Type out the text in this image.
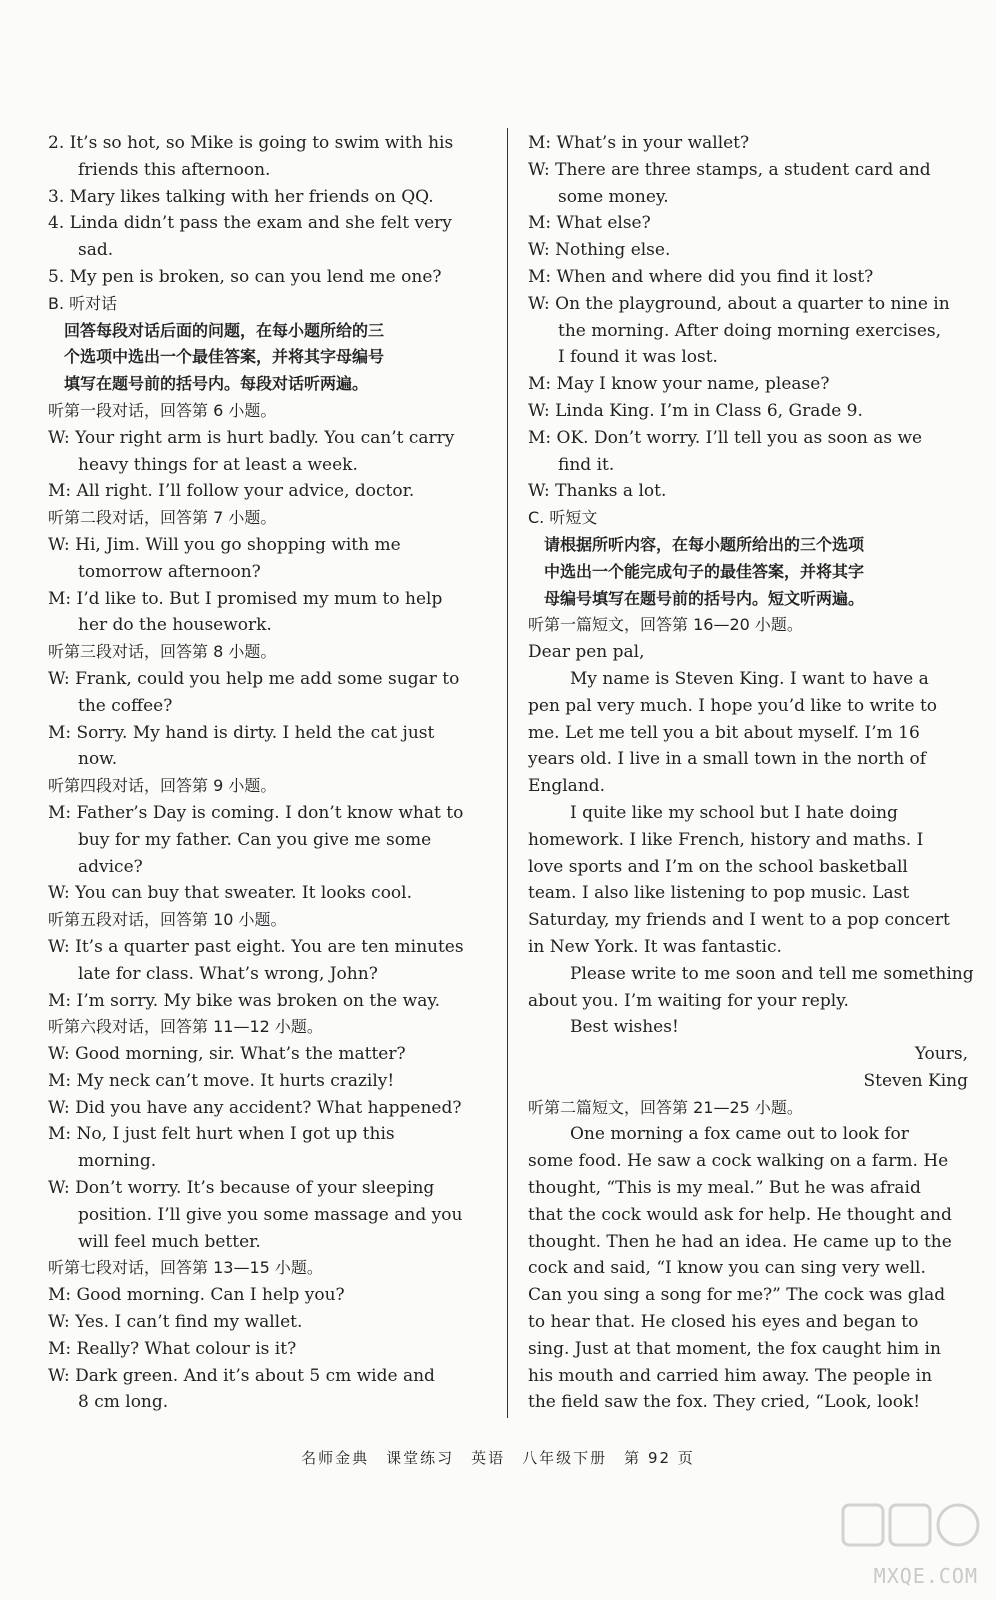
2. It’s so hot, so Mike is going to swim with his
friends this afternoon.
3. Mary likes talking with her friends on QQ.
4. Linda didn’t pass the exam and she felt very
sad.
5. My pen is broken, so can you lend me one?
B. 听对话
回答每段对话后面的问题，在每小题所给的三
个选项中选出一个最佳答案，并将其字母编号
填写在题号前的括号内。每段对话听两遍。
听第一段对话，回答第 6 小题。
W: Your right arm is hurt badly. You can’t carry
heavy things for at least a week.
M: All right. I’ll follow your advice, doctor.
听第二段对话，回答第 7 小题。
W: Hi, Jim. Will you go shopping with me
tomorrow afternoon?
M: I’d like to. But I promised my mum to help
her do the housework.
听第三段对话，回答第 8 小题。
W: Frank, could you help me add some sugar to
the coffee?
M: Sorry. My hand is dirty. I held the cat just
now.
听第四段对话，回答第 9 小题。
M: Father’s Day is coming. I don’t know what to
buy for my father. Can you give me some
advice?
W: You can buy that sweater. It looks cool.
听第五段对话，回答第 10 小题。
W: It’s a quarter past eight. You are ten minutes
late for class. What’s wrong, John?
M: I’m sorry. My bike was broken on the way.
听第六段对话，回答第 11—12 小题。
W: Good morning, sir. What’s the matter?
M: My neck can’t move. It hurts crazily!
W: Did you have any accident? What happened?
M: No, I just felt hurt when I got up this
morning.
W: Don’t worry. It’s because of your sleeping
position. I’ll give you some massage and you
will feel much better.
听第七段对话，回答第 13—15 小题。
M: Good morning. Can I help you?
W: Yes. I can’t find my wallet.
M: Really? What colour is it?
W: Dark green. And it’s about 5 cm wide and
8 cm long.
M: What’s in your wallet?
W: There are three stamps, a student card and
some money.
M: What else?
W: Nothing else.
M: When and where did you find it lost?
W: On the playground, about a quarter to nine in
the morning. After doing morning exercises,
I found it was lost.
M: May I know your name, please?
W: Linda King. I’m in Class 6, Grade 9.
M: OK. Don’t worry. I’ll tell you as soon as we
find it.
W: Thanks a lot.
C. 听短文
请根据所听内容，在每小题所给出的三个选项
中选出一个能完成句子的最佳答案，并将其字
母编号填写在题号前的括号内。短文听两遍。
听第一篇短文，回答第 16—20 小题。
Dear pen pal,
My name is Steven King. I want to have a
pen pal very much. I hope you’d like to write to
me. Let me tell you a bit about myself. I’m 16
years old. I live in a small town in the north of
England.
I quite like my school but I hate doing
homework. I like French, history and maths. I
love sports and I’m on the school basketball
team. I also like listening to pop music. Last
Saturday, my friends and I went to a pop concert
in New York. It was fantastic.
Please write to me soon and tell me something
about you. I’m waiting for your reply.
Best wishes!
Yours,
Steven King
听第二篇短文，回答第 21—25 小题。
One morning a fox came out to look for
some food. He saw a cock walking on a farm. He
thought, “This is my meal.” But he was afraid
that the cock would ask for help. He thought and
thought. Then he had an idea. He came up to the
cock and said, “I know you can sing very well.
Can you sing a song for me?” The cock was glad
to hear that. He closed his eyes and began to
sing. Just at that moment, the fox caught him in
his mouth and carried him away. The people in
the field saw the fox. They cried, “Look, look!
名师金典　课堂练习　英语　八年级下册　第 92 页
MXQE.COM
